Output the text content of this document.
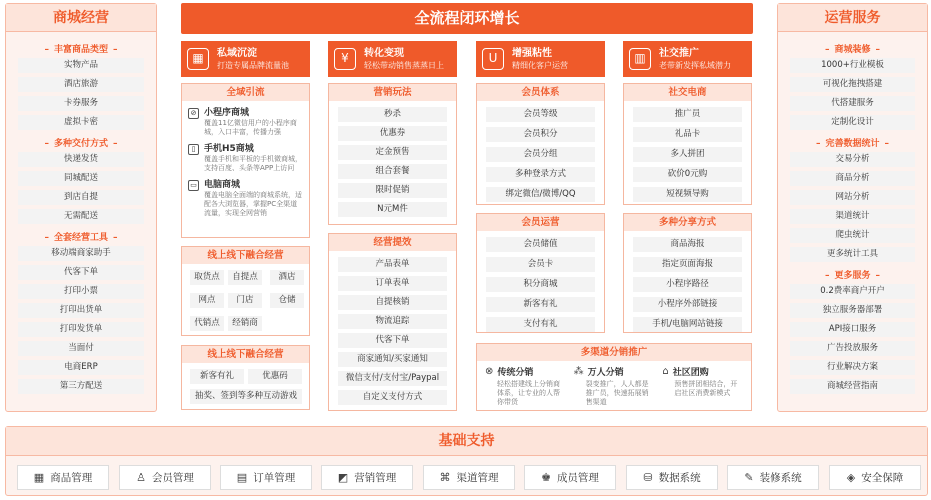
商城经营
– 丰富商品类型 –
实物产品
酒店旅游
卡券服务
虚拟卡密
– 多种交付方式 –
快递发货
同城配送
到店自提
无需配送
– 全套经营工具 –
移动端商家助手
代客下单
打印小票
打印出货单
打印发货单
当面付
电商ERP
第三方配送
运营服务
– 商城装修 –
1000+行业模板
可视化拖拽搭建
代搭建服务
定制化设计
– 完善数据统计 –
交易分析
商品分析
网站分析
渠道统计
爬虫统计
更多统计工具
– 更多服务 –
0.2费率商户开户
独立服务器部署
API接口服务
广告投放服务
行业解决方案
商城经营指南
全流程闭环增长
▦	私域沉淀
打造专属品牌流量池
¥	转化变现
轻松带动销售蒸蒸日上
U	增强粘性
精细化客户运营
▥	社交推广
老带新发挥私域潜力
全域引流
⊘ 小程序商城
覆盖11亿微信用户的小程序商城，入口丰富，传播力强
▯ 手机H5商城
覆盖手机和平板的手机微商城，支持百度、头条等APP上访问
▭ 电脑商城
覆盖电脑全面端的商城系统，适配各大浏览器，掌握PC全渠道流量，实现全网营销
线上线下融合经营
取货点	自提点	酒店
网点	门店	仓储
代销点	经销商
线上线下融合经营
新客有礼	优惠码
抽奖、签到等多种互动游戏
营销玩法
秒杀
优惠券
定金预售
组合套餐
限时促销
N元M件
经营提效
产品表单
订单表单
自提核销
物流追踪
代客下单
商家通知/买家通知
微信支付/支付宝/Paypal
自定义支付方式
会员体系
会员等级
会员积分
会员分组
多种登录方式
绑定微信/微博/QQ
会员运营
会员储值
会员卡
积分商城
新客有礼
支付有礼
社交电商
推广员
礼品卡
多人拼团
砍价0元购
短视频导购
多种分享方式
商品海报
指定页面海报
小程序路径
小程序外部链接
手机/电脑网站链接
多渠道分销推广
⊗ 传统分销
轻松搭建线上分销商体系，让专业的人帮你带货
⁂ 万人分销
裂变推广，人人都是推广员，快速拓展销售渠道
⌂ 社区团购
预售拼团相结合，开启社区消费新模式
基础支持
▦ 商品管理	♙ 会员管理	▤ 订单管理	◩ 营销管理	⌘ 渠道管理	♚ 成员管理	⛁ 数据系统	✎ 装修系统	◈ 安全保障
